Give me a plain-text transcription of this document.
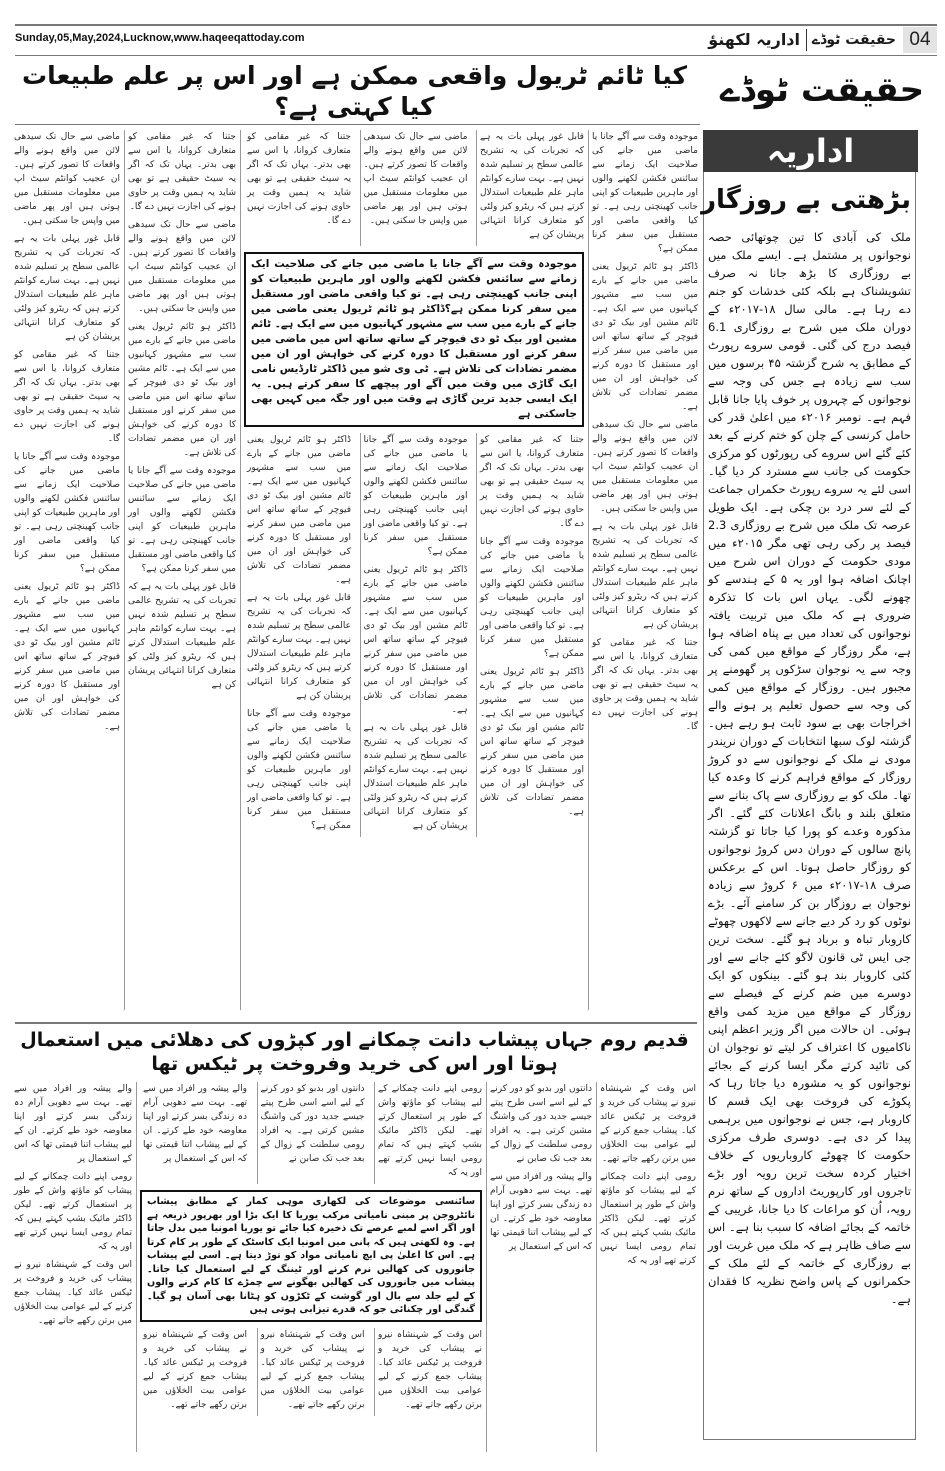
Sunday,05,May,2024,Lucknow,www.haqeeqattoday.com	04
حقیقت ٹوڈے
اداریہ لکھنؤ
حقیقت ٹوڈے
کیا ٹائم ٹریول واقعی ممکن ہے اور اس پر علم طبیعات کیا کہتی ہے؟

موجودہ وقت سے آگے جانا یا ماضی میں جانے کی صلاحیت ایک زمانے سے سائنس فکشن لکھنے والوں اور ماہرین طبیعیات کو اپنی جانب کھینچتی رہی ہے۔ تو کیا واقعی ماضی اور مستقبل میں سفر کرنا ممکن ہے؟

ڈاکٹر ہو ٹائم ٹریول یعنی ماضی میں جانے کے بارے میں سب سے مشہور کہانیوں میں سے ایک ہے۔ ٹائم مشین اور بیک ٹو دی فیوچر کے ساتھ ساتھ اس میں ماضی میں سفر کرنے اور مستقبل کا دورہ کرنے کی خواہش اور ان میں مضمر تضادات کی تلاش ہے۔

ماضی سے حال تک سیدھی لائن میں واقع ہونے والے واقعات کا تصور کرتے ہیں۔ ان عجیب کوانٹم سیٹ اپ میں معلومات مستقبل میں ہوتی ہیں اور پھر ماضی میں واپس جا سکتی ہیں۔

قابل غور پہلی بات یہ ہے کہ تجربات کی یہ تشریح عالمی سطح پر تسلیم شدہ نہیں ہے۔ بہت سارے کوانٹم ماہر علم طبیعیات استدلال کرتے ہیں کہ ریٹرو کیز ولٹی کو متعارف کرانا انتہائی پریشان کن ہے

جتنا کہ غیر مقامی کو متعارف کروانا، یا اس سے بھی بدتر۔ یہاں تک کہ اگر یہ سیٹ حقیقی ہے تو بھی شاید یہ ہمیں وقت پر حاوی ہونے کی اجازت نہیں دے گا۔

قابل غور پہلی بات یہ ہے کہ تجربات کی یہ تشریح عالمی سطح پر تسلیم شدہ نہیں ہے۔ بہت سارے کوانٹم ماہر علم طبیعیات استدلال کرتے ہیں کہ ریٹرو کیز ولٹی کو متعارف کرانا انتہائی پریشان کن ہے

ماضی سے حال تک سیدھی لائن میں واقع ہونے والے واقعات کا تصور کرتے ہیں۔ ان عجیب کوانٹم سیٹ اپ میں معلومات مستقبل میں ہوتی ہیں اور پھر ماضی میں واپس جا سکتی ہیں۔

جتنا کہ غیر مقامی کو متعارف کروانا، یا اس سے بھی بدتر۔ یہاں تک کہ اگر یہ سیٹ حقیقی ہے تو بھی شاید یہ ہمیں وقت پر حاوی ہونے کی اجازت نہیں دے گا۔

موجودہ وقت سے آگے جانا یا ماضی میں جانے کی صلاحیت ایک زمانے سے سائنس فکشن لکھنے والوں اور ماہرین طبیعیات کو اپنی جانب کھینچتی رہی ہے۔ تو کیا واقعی ماضی اور مستقبل میں سفر کرنا ممکن ہے؟ڈاکٹر ہو ٹائم ٹریول یعنی ماضی میں جانے کے بارے میں سب سے مشہور کہانیوں میں سے ایک ہے۔ ٹائم مشین اور بیک ٹو دی فیوچر کے ساتھ ساتھ اس میں ماضی میں سفر کرنے اور مستقبل کا دورہ کرنے کی خواہش اور ان میں مضمر تضادات کی تلاش ہے۔ ٹی وی شو میں ڈاکٹر ٹارڈیس نامی ایک گاڑی میں وقت میں آگے اور پیچھے کا سفر کرتے ہیں۔ یہ ایک ایسی جدید ترین گاڑی ہے وقت میں اور جگہ میں کہیں بھی جاسکتی ہے

جتنا کہ غیر مقامی کو متعارف کروانا، یا اس سے بھی بدتر۔ یہاں تک کہ اگر یہ سیٹ حقیقی ہے تو بھی شاید یہ ہمیں وقت پر حاوی ہونے کی اجازت نہیں دے گا۔

موجودہ وقت سے آگے جانا یا ماضی میں جانے کی صلاحیت ایک زمانے سے سائنس فکشن لکھنے والوں اور ماہرین طبیعیات کو اپنی جانب کھینچتی رہی ہے۔ تو کیا واقعی ماضی اور مستقبل میں سفر کرنا ممکن ہے؟

ڈاکٹر ہو ٹائم ٹریول یعنی ماضی میں جانے کے بارے میں سب سے مشہور کہانیوں میں سے ایک ہے۔ ٹائم مشین اور بیک ٹو دی فیوچر کے ساتھ ساتھ اس میں ماضی میں سفر کرنے اور مستقبل کا دورہ کرنے کی خواہش اور ان میں مضمر تضادات کی تلاش ہے۔

موجودہ وقت سے آگے جانا یا ماضی میں جانے کی صلاحیت ایک زمانے سے سائنس فکشن لکھنے والوں اور ماہرین طبیعیات کو اپنی جانب کھینچتی رہی ہے۔ تو کیا واقعی ماضی اور مستقبل میں سفر کرنا ممکن ہے؟

ڈاکٹر ہو ٹائم ٹریول یعنی ماضی میں جانے کے بارے میں سب سے مشہور کہانیوں میں سے ایک ہے۔ ٹائم مشین اور بیک ٹو دی فیوچر کے ساتھ ساتھ اس میں ماضی میں سفر کرنے اور مستقبل کا دورہ کرنے کی خواہش اور ان میں مضمر تضادات کی تلاش ہے۔

قابل غور پہلی بات یہ ہے کہ تجربات کی یہ تشریح عالمی سطح پر تسلیم شدہ نہیں ہے۔ بہت سارے کوانٹم ماہر علم طبیعیات استدلال کرتے ہیں کہ ریٹرو کیز ولٹی کو متعارف کرانا انتہائی پریشان کن ہے

ڈاکٹر ہو ٹائم ٹریول یعنی ماضی میں جانے کے بارے میں سب سے مشہور کہانیوں میں سے ایک ہے۔ ٹائم مشین اور بیک ٹو دی فیوچر کے ساتھ ساتھ اس میں ماضی میں سفر کرنے اور مستقبل کا دورہ کرنے کی خواہش اور ان میں مضمر تضادات کی تلاش ہے۔

قابل غور پہلی بات یہ ہے کہ تجربات کی یہ تشریح عالمی سطح پر تسلیم شدہ نہیں ہے۔ بہت سارے کوانٹم ماہر علم طبیعیات استدلال کرتے ہیں کہ ریٹرو کیز ولٹی کو متعارف کرانا انتہائی پریشان کن ہے

موجودہ وقت سے آگے جانا یا ماضی میں جانے کی صلاحیت ایک زمانے سے سائنس فکشن لکھنے والوں اور ماہرین طبیعیات کو اپنی جانب کھینچتی رہی ہے۔ تو کیا واقعی ماضی اور مستقبل میں سفر کرنا ممکن ہے؟

جتنا کہ غیر مقامی کو متعارف کروانا، یا اس سے بھی بدتر۔ یہاں تک کہ اگر یہ سیٹ حقیقی ہے تو بھی شاید یہ ہمیں وقت پر حاوی ہونے کی اجازت نہیں دے گا۔

ماضی سے حال تک سیدھی لائن میں واقع ہونے والے واقعات کا تصور کرتے ہیں۔ ان عجیب کوانٹم سیٹ اپ میں معلومات مستقبل میں ہوتی ہیں اور پھر ماضی میں واپس جا سکتی ہیں۔

ڈاکٹر ہو ٹائم ٹریول یعنی ماضی میں جانے کے بارے میں سب سے مشہور کہانیوں میں سے ایک ہے۔ ٹائم مشین اور بیک ٹو دی فیوچر کے ساتھ ساتھ اس میں ماضی میں سفر کرنے اور مستقبل کا دورہ کرنے کی خواہش اور ان میں مضمر تضادات کی تلاش ہے۔

موجودہ وقت سے آگے جانا یا ماضی میں جانے کی صلاحیت ایک زمانے سے سائنس فکشن لکھنے والوں اور ماہرین طبیعیات کو اپنی جانب کھینچتی رہی ہے۔ تو کیا واقعی ماضی اور مستقبل میں سفر کرنا ممکن ہے؟

قابل غور پہلی بات یہ ہے کہ تجربات کی یہ تشریح عالمی سطح پر تسلیم شدہ نہیں ہے۔ بہت سارے کوانٹم ماہر علم طبیعیات استدلال کرتے ہیں کہ ریٹرو کیز ولٹی کو متعارف کرانا انتہائی پریشان کن ہے

ماضی سے حال تک سیدھی لائن میں واقع ہونے والے واقعات کا تصور کرتے ہیں۔ ان عجیب کوانٹم سیٹ اپ میں معلومات مستقبل میں ہوتی ہیں اور پھر ماضی میں واپس جا سکتی ہیں۔

قابل غور پہلی بات یہ ہے کہ تجربات کی یہ تشریح عالمی سطح پر تسلیم شدہ نہیں ہے۔ بہت سارے کوانٹم ماہر علم طبیعیات استدلال کرتے ہیں کہ ریٹرو کیز ولٹی کو متعارف کرانا انتہائی پریشان کن ہے

جتنا کہ غیر مقامی کو متعارف کروانا، یا اس سے بھی بدتر۔ یہاں تک کہ اگر یہ سیٹ حقیقی ہے تو بھی شاید یہ ہمیں وقت پر حاوی ہونے کی اجازت نہیں دے گا۔

موجودہ وقت سے آگے جانا یا ماضی میں جانے کی صلاحیت ایک زمانے سے سائنس فکشن لکھنے والوں اور ماہرین طبیعیات کو اپنی جانب کھینچتی رہی ہے۔ تو کیا واقعی ماضی اور مستقبل میں سفر کرنا ممکن ہے؟

ڈاکٹر ہو ٹائم ٹریول یعنی ماضی میں جانے کے بارے میں سب سے مشہور کہانیوں میں سے ایک ہے۔ ٹائم مشین اور بیک ٹو دی فیوچر کے ساتھ ساتھ اس میں ماضی میں سفر کرنے اور مستقبل کا دورہ کرنے کی خواہش اور ان میں مضمر تضادات کی تلاش ہے۔

قدیم روم جہاں پیشاب دانت چمکانے اور کپڑوں کی دھلائی میں استعمال ہوتا اور اس کی خرید وفروخت پر ٹیکس تھا

اس وقت کے شہنشاہ نیرو نے پیشاب کی خرید و فروخت پر ٹیکس عائد کیا۔ پیشاب جمع کرنے کے لیے عوامی بیت الخلاؤں میں برتن رکھے جاتے تھے۔

رومی اپنے دانت چمکانے کے لیے پیشاب کو ماؤتھ واش کے طور پر استعمال کرتے تھے۔ لیکن ڈاکٹر مائیک بشپ کہتے ہیں کہ تمام رومی ایسا نہیں کرتے تھے اور یہ کہ

دانتوں اور بدبو کو دور کرنے کے لیے اسے اسی طرح پیتے جیسے جدید دور کی واشنگ مشین کرتی ہے۔ یہ افراد رومی سلطنت کے زوال کے بعد جب تک صابن نے

والے پیشہ ور افراد میں سے تھے۔ بہت سے دھوبی آرام دہ زندگی بسر کرتے اور اپنا معاوضہ خود طے کرتے۔ ان کے لیے پیشاب اتنا قیمتی تھا کہ اس کے استعمال پر

رومی اپنے دانت چمکانے کے لیے پیشاب کو ماؤتھ واش کے طور پر استعمال کرتے تھے۔ لیکن ڈاکٹر مائیک بشپ کہتے ہیں کہ تمام رومی ایسا نہیں کرتے تھے اور یہ کہ

دانتوں اور بدبو کو دور کرنے کے لیے اسے اسی طرح پیتے جیسے جدید دور کی واشنگ مشین کرتی ہے۔ یہ افراد رومی سلطنت کے زوال کے بعد جب تک صابن نے

والے پیشہ ور افراد میں سے تھے۔ بہت سے دھوبی آرام دہ زندگی بسر کرتے اور اپنا معاوضہ خود طے کرتے۔ ان کے لیے پیشاب اتنا قیمتی تھا کہ اس کے استعمال پر

سائنسی موضوعات کی لکھاری موہی کمار کے مطابق پیشاب نائٹروجن پر مبنی نامیاتی مرکب یوریا کا ایک بڑا اور بھرپور ذریعہ ہے اور اگر اسے لمبے عرصے تک ذخیرہ کیا جائے تو یوریا امونیا میں بدل جاتا ہے۔ وہ لکھتی ہیں کہ پانی میں امونیا ایک کاسٹک کے طور پر کام کرتا ہے۔ اس کا اعلیٰ پی ایچ نامیاتی مواد کو توڑ دیتا ہے۔ اسی لیے پیشاب جانوروں کی کھالیں نرم کرنے اور ٹیننگ کے لیے استعمال کیا جاتا۔ پیشاب میں جانوروں کی کھالیں بھگونے سے چمڑے کا کام کرنے والوں کے لیے جلد سے بال اور گوشت کے ٹکڑوں کو ہٹانا بھی آسان ہو گیا۔ گندگی اور چکنائی جو کہ قدرے تیزابی ہوتی ہیں

اس وقت کے شہنشاہ نیرو نے پیشاب کی خرید و فروخت پر ٹیکس عائد کیا۔ پیشاب جمع کرنے کے لیے عوامی بیت الخلاؤں میں برتن رکھے جاتے تھے۔

اس وقت کے شہنشاہ نیرو نے پیشاب کی خرید و فروخت پر ٹیکس عائد کیا۔ پیشاب جمع کرنے کے لیے عوامی بیت الخلاؤں میں برتن رکھے جاتے تھے۔

اس وقت کے شہنشاہ نیرو نے پیشاب کی خرید و فروخت پر ٹیکس عائد کیا۔ پیشاب جمع کرنے کے لیے عوامی بیت الخلاؤں میں برتن رکھے جاتے تھے۔

والے پیشہ ور افراد میں سے تھے۔ بہت سے دھوبی آرام دہ زندگی بسر کرتے اور اپنا معاوضہ خود طے کرتے۔ ان کے لیے پیشاب اتنا قیمتی تھا کہ اس کے استعمال پر

رومی اپنے دانت چمکانے کے لیے پیشاب کو ماؤتھ واش کے طور پر استعمال کرتے تھے۔ لیکن ڈاکٹر مائیک بشپ کہتے ہیں کہ تمام رومی ایسا نہیں کرتے تھے اور یہ کہ

اس وقت کے شہنشاہ نیرو نے پیشاب کی خرید و فروخت پر ٹیکس عائد کیا۔ پیشاب جمع کرنے کے لیے عوامی بیت الخلاؤں میں برتن رکھے جاتے تھے۔

اداریہ
بڑھتی بے روزگار
ملک کی آبادی کا تین چوتھائی حصہ نوجوانوں پر مشتمل ہے۔ ایسے ملک میں بے روزگاری کا بڑھ جانا نہ صرف تشویشناک ہے بلکہ کئی خدشات کو جنم دے رہا ہے۔ مالی سال ۱۸-۲۰۱۷ء کے دوران ملک میں شرح بے روزگاری 6.1 فیصد درج کی گئی۔ قومی سروے رپورٹ کے مطابق یہ شرح گزشتہ ۴۵ برسوں میں سب سے زیادہ ہے جس کی وجہ سے نوجوانوں کے چہروں پر خوف پایا جانا قابل فہم ہے۔ نومبر ۲۰۱۶ء میں اعلیٰ قدر کی حامل کرنسی کے چلن کو ختم کرنے کے بعد کئے گئے اس سروے کی رپورٹوں کو مرکزی حکومت کی جانب سے مسترد کر دیا گیا۔ اسی لئے یہ سروے رپورٹ حکمراں جماعت کے لئے سر درد بن چکی ہے۔ ایک طویل عرصہ تک ملک میں شرح بے روزگاری 2.3 فیصد پر رکی رہی تھی مگر ۲۰۱۵ء میں مودی حکومت کے دوران اس شرح میں اچانک اضافہ ہوا اور یہ ۵ کے ہندسے کو چھونے لگی۔ یہاں اس بات کا تذکرہ ضروری ہے کہ ملک میں تربیت یافتہ نوجوانوں کی تعداد میں بے پناہ اضافہ ہوا ہے، مگر روزگار کے مواقع میں کمی کی وجہ سے یہ نوجوان سڑکوں پر گھومنے پر مجبور ہیں۔ روزگار کے مواقع میں کمی کی وجہ سے حصول تعلیم پر ہونے والے اخراجات بھی بے سود ثابت ہو رہے ہیں۔ گزشتہ لوک سبھا انتخابات کے دوران نریندر مودی نے ملک کے نوجوانوں سے دو کروڑ روزگار کے مواقع فراہم کرنے کا وعدہ کیا تھا۔ ملک کو بے روزگاری سے پاک بنانے سے متعلق بلند و بانگ اعلانات کئے گئے۔ اگر مذکورہ وعدے کو پورا کیا جاتا تو گزشتہ پانچ سالوں کے دوران دس کروڑ نوجوانوں کو روزگار حاصل ہوتا۔ اس کے برعکس صرف ۱۸-۲۰۱۷ء میں ۶ کروڑ سے زیادہ نوجوان بے روزگار بن کر سامنے آئے۔ بڑے نوٹوں کو رد کر دیے جانے سے لاکھوں چھوٹے کاروبار تباہ و برباد ہو گئے۔ سخت ترین جی ایس ٹی قانون لاگو کئے جانے سے اور کئی کاروبار بند ہو گئے۔ بینکوں کو ایک دوسرے میں ضم کرنے کے فیصلے سے روزگار کے مواقع میں مزید کمی واقع ہوئی۔ ان حالات میں اگر وزیر اعظم اپنی ناکامیوں کا اعتراف کر لیتے تو نوجوان ان کی تائید کرتے مگر ایسا کرنے کے بجائے نوجوانوں کو یہ مشورہ دیا جاتا رہا کہ پکوڑے کی فروخت بھی ایک قسم کا کاروبار ہے، جس نے نوجوانوں میں برہمی پیدا کر دی ہے۔ دوسری طرف مرکزی حکومت کا چھوٹے کاروباریوں کے خلاف اختیار کردہ سخت ترین رویہ اور بڑے تاجروں اور کارپوریٹ اداروں کے ساتھ نرم رویہ، اُن کو مراعات کا دیا جانا، غریبی کے خاتمہ کے بجائے اضافہ کا سبب بنا ہے۔ اس سے صاف ظاہر ہے کہ ملک میں غربت اور بے روزگاری کے خاتمہ کے لئے ملک کے حکمرانوں کے پاس واضح نظریہ کا فقدان ہے۔
